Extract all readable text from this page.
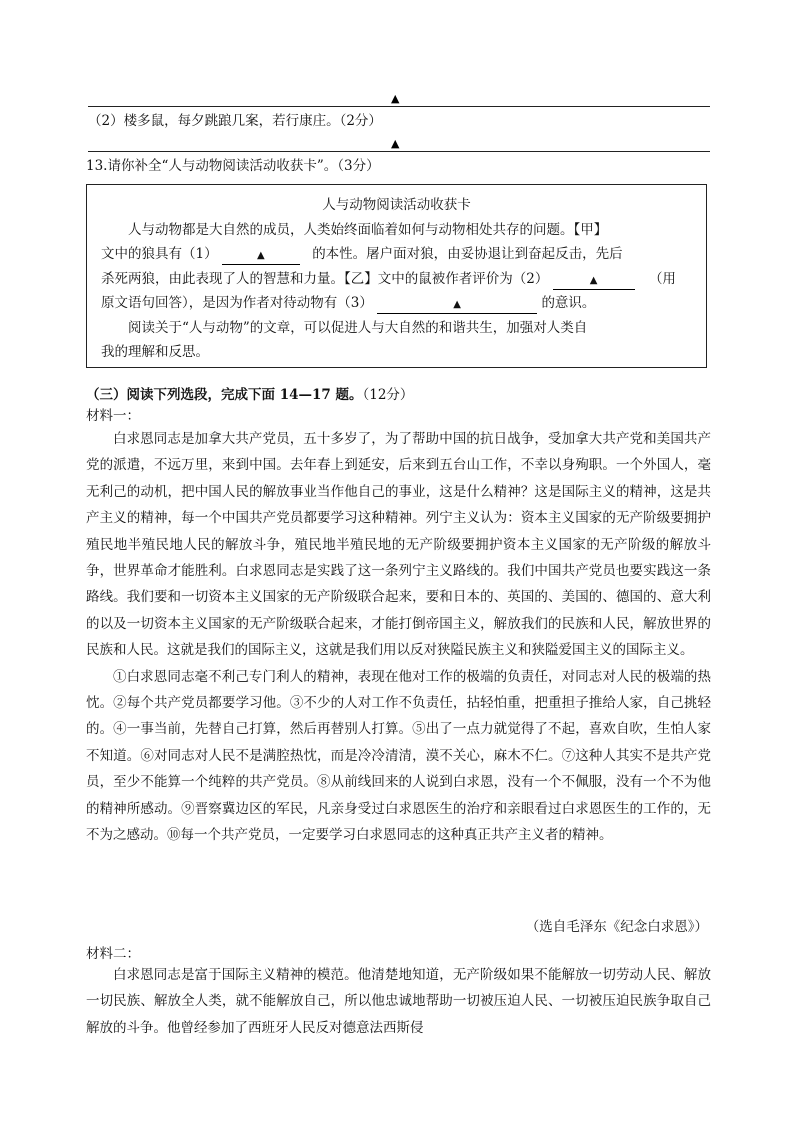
▲
（2）楼多鼠，每夕跳踉几案，若行康庄。（2分）
▲
13.请你补全“人与动物阅读活动收获卡”。（3分）
人与动物阅读活动收获卡
人与动物都是大自然的成员，人类始终面临着如何与动物相处共存的问题。【甲】
文中的狼具有（1）	▲	的本性。屠户面对狼，由妥协退让到奋起反击，先后
杀死两狼，由此表现了人的智慧和力量。【乙】文中的鼠被作者评价为（2）	▲	（用
原文语句回答），是因为作者对待动物有（3）	▲	的意识。
阅读关于“人与动物”的文章，可以促进人与大自然的和谐共生，加强对人类自
我的理解和反思。
（三）阅读下列选段，完成下面 14—17 题。（12分）
材料一：

白求恩同志是加拿大共产党员，五十多岁了，为了帮助中国的抗日战争，受加拿大共产党和美国共产党的派遣，不远万里，来到中国。去年春上到延安，后来到五台山工作，不幸以身殉职。一个外国人，毫无利己的动机，把中国人民的解放事业当作他自己的事业，这是什么精神？这是国际主义的精神，这是共产主义的精神，每一个中国共产党员都要学习这种精神。列宁主义认为：资本主义国家的无产阶级要拥护殖民地半殖民地人民的解放斗争，殖民地半殖民地的无产阶级要拥护资本主义国家的无产阶级的解放斗争，世界革命才能胜利。白求恩同志是实践了这一条列宁主义路线的。我们中国共产党员也要实践这一条路线。我们要和一切资本主义国家的无产阶级联合起来，要和日本的、英国的、美国的、德国的、意大利的以及一切资本主义国家的无产阶级联合起来，才能打倒帝国主义，解放我们的民族和人民，解放世界的民族和人民。这就是我们的国际主义，这就是我们用以反对狭隘民族主义和狭隘爱国主义的国际主义。

①白求恩同志毫不利己专门利人的精神，表现在他对工作的极端的负责任，对同志对人民的极端的热忱。②每个共产党员都要学习他。③不少的人对工作不负责任，拈轻怕重，把重担子推给人家，自己挑轻的。④一事当前，先替自己打算，然后再替别人打算。⑤出了一点力就觉得了不起，喜欢自吹，生怕人家不知道。⑥对同志对人民不是满腔热忱，而是冷冷清清，漠不关心，麻木不仁。⑦这种人其实不是共产党员，至少不能算一个纯粹的共产党员。⑧从前线回来的人说到白求恩，没有一个不佩服，没有一个不为他的精神所感动。⑨晋察冀边区的军民，凡亲身受过白求恩医生的治疗和亲眼看过白求恩医生的工作的，无不为之感动。⑩每一个共产党员，一定要学习白求恩同志的这种真正共产主义者的精神。

（选自毛泽东《纪念白求恩》）
材料二：

白求恩同志是富于国际主义精神的模范。他清楚地知道，无产阶级如果不能解放一切劳动人民、解放一切民族、解放全人类，就不能解放自己，所以他忠诚地帮助一切被压迫人民、一切被压迫民族争取自己解放的斗争。他曾经参加了西班牙人民反对德意法西斯侵
